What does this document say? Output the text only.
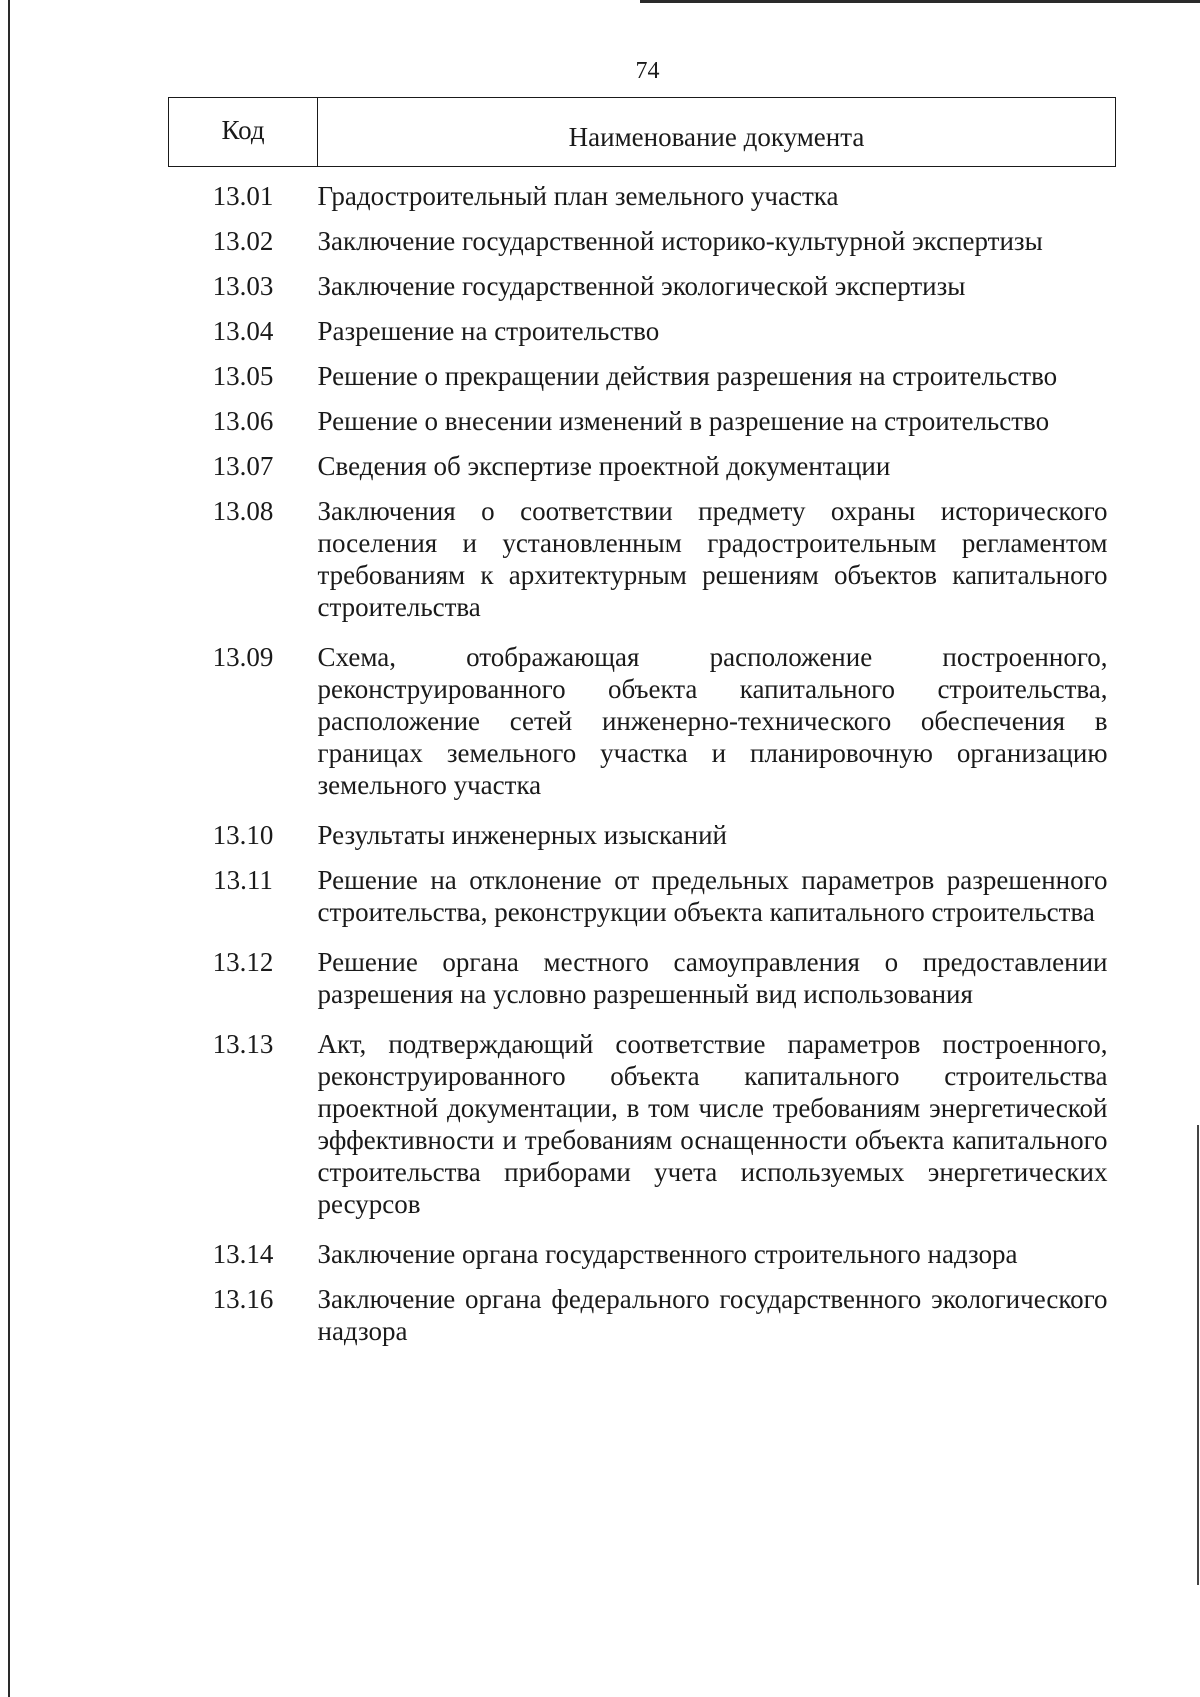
74
Код	Наименование документа
13.01	Градостроительный план земельного участка
13.02	Заключение государственной историко-культурной экспертизы
13.03	Заключение государственной экологической экспертизы
13.04	Разрешение на строительство
13.05	Решение о прекращении действия разрешения на строительство
13.06	Решение о внесении изменений в разрешение на строительство
13.07	Сведения об экспертизе проектной документации
13.08	Заключения о соответствии предмету охраны исторического поселения и установленным градостроительным регламентом требованиям к архитектурным решениям объектов капитального строительства
13.09	Схема, отображающая расположение построенного, реконструированного объекта капитального строительства, расположение сетей инженерно-технического обеспечения в границах земельного участка и планировочную организацию земельного участка
13.10	Результаты инженерных изысканий
13.11	Решение на отклонение от предельных параметров разрешенного строительства, реконструкции объекта капитального строительства
13.12	Решение органа местного самоуправления о предоставлении разрешения на условно разрешенный вид использования
13.13	Акт, подтверждающий соответствие параметров построенного, реконструированного объекта капитального строительства проектной документации, в том числе требованиям энергетической эффективности и требованиям оснащенности объекта капитального строительства приборами учета используемых энергетических ресурсов
13.14	Заключение органа государственного строительного надзора
13.16	Заключение органа федерального государственного экологического надзора
